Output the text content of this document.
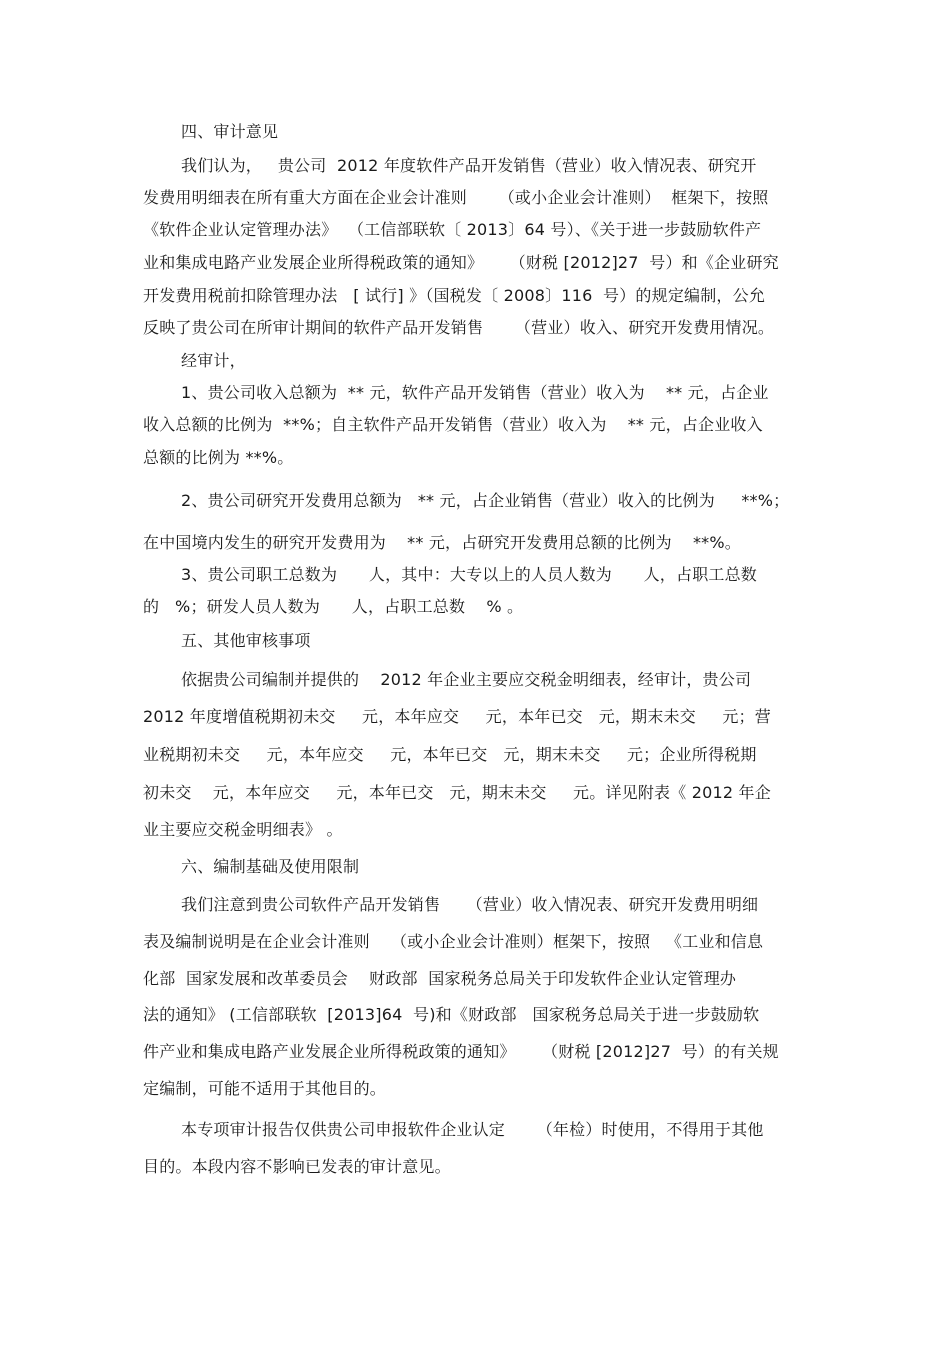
四、审计意见
我们认为，   贵公司  2012 年度软件产品开发销售（营业）收入情况表、研究开
发费用明细表在所有重大方面在企业会计准则      （或小企业会计准则）  框架下，按照
《软件企业认定管理办法》  （工信部联软〔 2013〕64 号）、《关于进一步鼓励软件产
业和集成电路产业发展企业所得税政策的通知》     （财税 [2012]27  号）和《企业研究
开发费用税前扣除管理办法   [ 试行] 》（国税发〔 2008〕116  号）的规定编制，公允
反映了贵公司在所审计期间的软件产品开发销售      （营业）收入、研究开发费用情况。
经审计，
1、贵公司收入总额为  ** 元，软件产品开发销售（营业）收入为    ** 元，占企业
收入总额的比例为  **%；自主软件产品开发销售（营业）收入为    ** 元，占企业收入
总额的比例为 **%。
2、贵公司研究开发费用总额为   ** 元，占企业销售（营业）收入的比例为     **%；
在中国境内发生的研究开发费用为    ** 元，占研究开发费用总额的比例为    **%。
3、贵公司职工总数为      人，其中：大专以上的人员人数为      人，占职工总数
的   %；研发人员人数为      人，占职工总数    % 。
五、其他审核事项
依据贵公司编制并提供的    2012 年企业主要应交税金明细表，经审计，贵公司
2012 年度增值税期初未交     元，本年应交     元，本年已交   元，期末未交     元；营
业税期初未交     元，本年应交     元，本年已交   元，期末未交     元；企业所得税期
初未交    元，本年应交     元，本年已交   元，期末未交     元。详见附表《 2012 年企
业主要应交税金明细表》 。
六、编制基础及使用限制
我们注意到贵公司软件产品开发销售     （营业）收入情况表、研究开发费用明细
表及编制说明是在企业会计准则    （或小企业会计准则）框架下，按照   《工业和信息
化部  国家发展和改革委员会    财政部  国家税务总局关于印发软件企业认定管理办
法的通知》 (工信部联软  [2013]64  号)和《财政部   国家税务总局关于进一步鼓励软
件产业和集成电路产业发展企业所得税政策的通知》     （财税 [2012]27  号）的有关规
定编制，可能不适用于其他目的。
本专项审计报告仅供贵公司申报软件企业认定      （年检）时使用，不得用于其他
目的。本段内容不影响已发表的审计意见。
